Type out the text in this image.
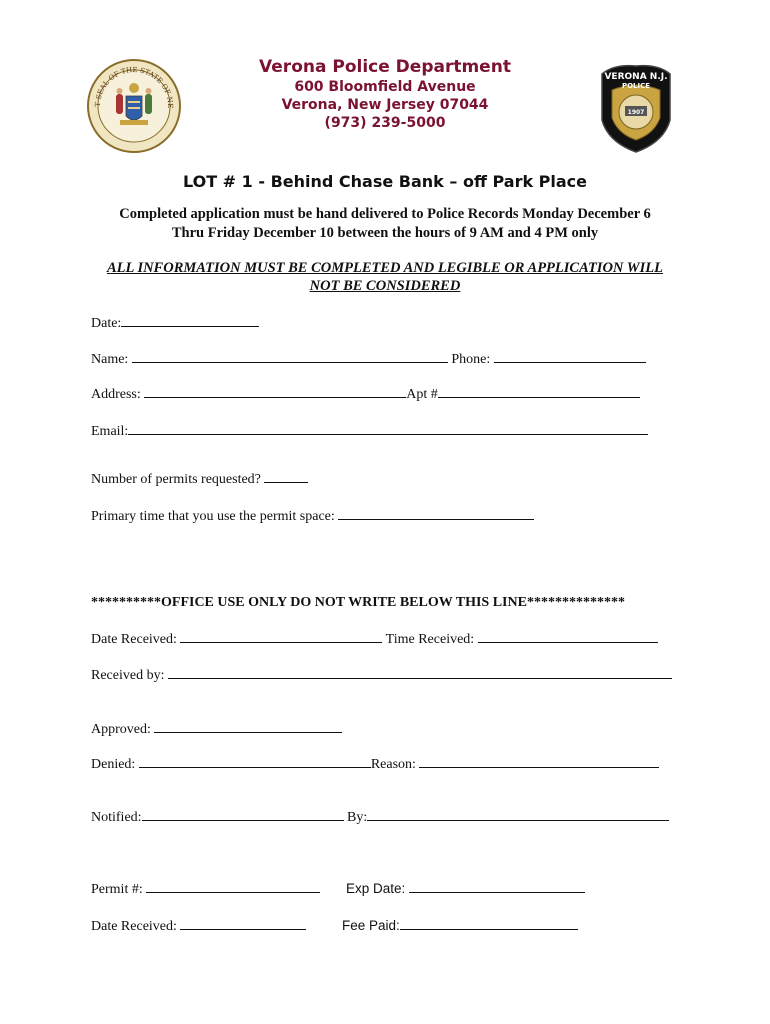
Verona Police Department
600 Bloomfield Avenue
Verona, New Jersey 07044
(973) 239-5000
T SEAL OF THE STATE OF NE
1907
VERONA N.J.
POLICE
LOT # 1 - Behind Chase Bank – off Park Place
Completed application must be hand delivered to Police Records Monday December 6
Thru Friday December 10 between the hours of 9 AM and 4 PM only
ALL INFORMATION MUST BE COMPLETED AND LEGIBLE OR APPLICATION WILL
NOT BE CONSIDERED
Date:
Name:	Phone:
Address:	Apt #
Email:
Number of permits requested?
Primary time that you use the permit space:
**********OFFICE USE ONLY DO NOT WRITE BELOW THIS LINE**************
Date Received:	Time Received:
Received by:
Approved:
Denied:	Reason:
Notified:	By:
Permit #:	Exp Date:
Date Received:	Fee Paid:
